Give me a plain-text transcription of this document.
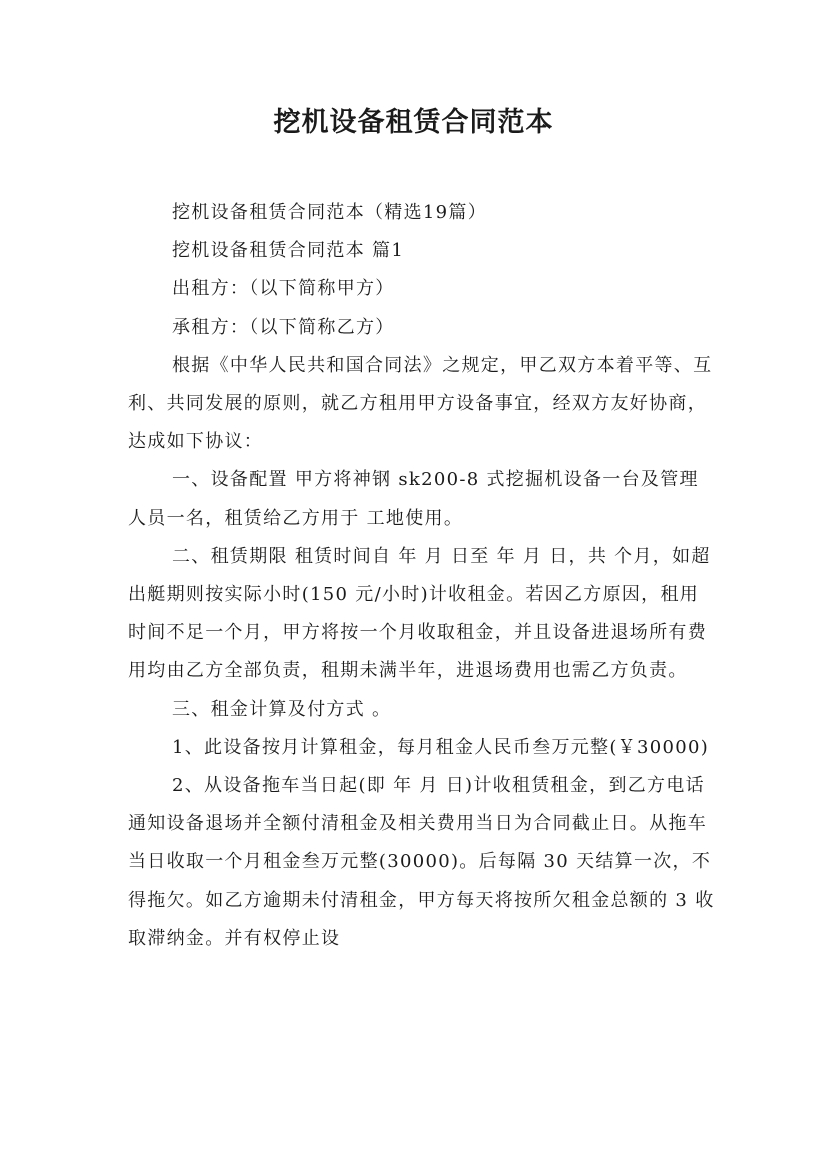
挖机设备租赁合同范本

挖机设备租赁合同范本（精选19篇）

挖机设备租赁合同范本 篇1

出租方：（以下简称甲方）

承租方：（以下简称乙方）

根据《中华人民共和国合同法》之规定，甲乙双方本着平等、互利、共同发展的原则，就乙方租用甲方设备事宜，经双方友好协商，达成如下协议：

一、设备配置 甲方将神钢 sk200-8 式挖掘机设备一台及管理人员一名，租赁给乙方用于 工地使用。

二、租赁期限 租赁时间自 年 月 日至 年 月 日，共 个月，如超出艇期则按实际小时(150 元/小时)计收租金。若因乙方原因，租用时间不足一个月，甲方将按一个月收取租金，并且设备进退场所有费用均由乙方全部负责，租期未满半年，进退场费用也需乙方负责。

三、租金计算及付方式 。

1、此设备按月计算租金，每月租金人民币叁万元整(￥30000)

2、从设备拖车当日起(即 年 月 日)计收租赁租金，到乙方电话通知设备退场并全额付清租金及相关费用当日为合同截止日。从拖车当日收取一个月租金叁万元整(30000)。后每隔 30 天结算一次，不得拖欠。如乙方逾期未付清租金，甲方每天将按所欠租金总额的 3 收取滞纳金。并有权停止设
